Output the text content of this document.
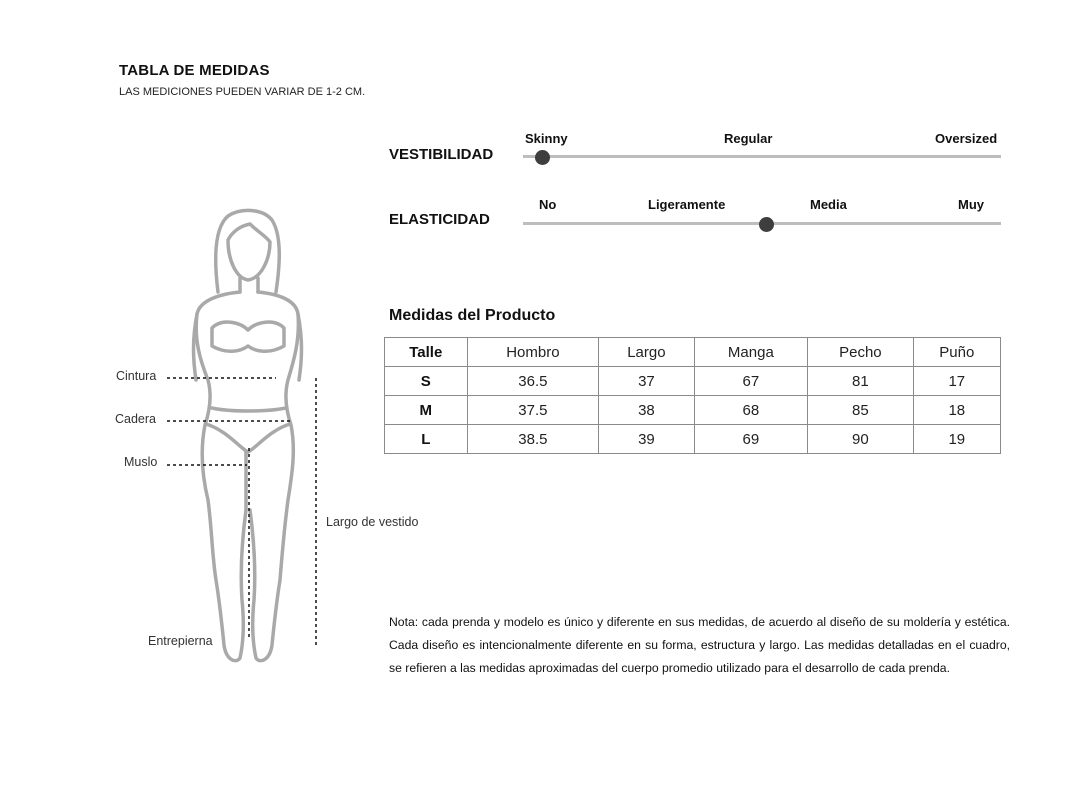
TABLA DE MEDIDAS
LAS MEDICIONES PUEDEN VARIAR DE 1-2 CM.
VESTIBILIDAD
Skinny	Regular	Oversized
ELASTICIDAD
No	Ligeramente	Media	Muy
Medidas del Producto
Talle	Hombro	Largo	Manga	Pecho	Puño
S	36.5	37	67	81	17
M	37.5	38	68	85	18
L	38.5	39	69	90	19
Cintura
Cadera
Muslo
Largo de vestido
Entrepierna
Nota: cada prenda y modelo es único y diferente en sus medidas, de acuerdo al diseño de su moldería y estética. Cada diseño es intencionalmente diferente en su forma, estructura y largo. Las medidas detalladas en el cuadro, se refieren a las medidas aproximadas del cuerpo promedio utilizado para el desarrollo de cada prenda.
